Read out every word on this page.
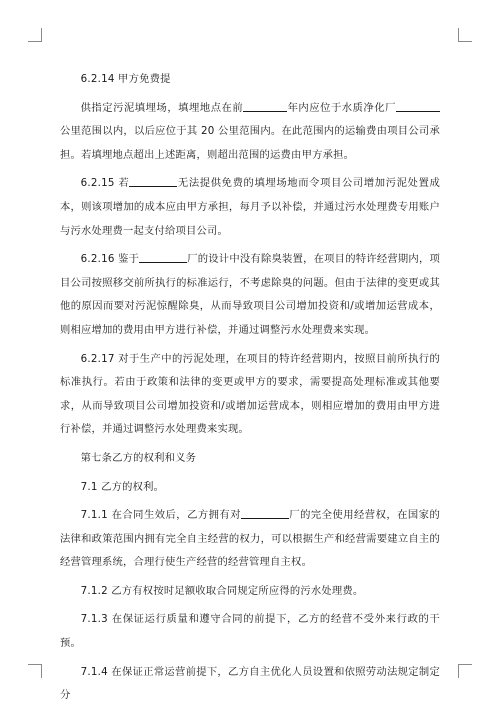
6.2.14 甲方免费提

供指定污泥填埋场，填埋地点在前	年内应位于水质净化厂公里范围以内，以后应位于其 20 公里范围内。在此范围内的运输费由项目公司承担。若填埋地点超出上述距离，则超出范围的运费由甲方承担。

6.2.15 若	无法提供免费的填埋场地而令项目公司增加污泥处置成本，则该项增加的成本应由甲方承担，每月予以补偿，并通过污水处理费专用账户与污水处理费一起支付给项目公司。

6.2.16 鉴于	厂的设计中没有除臭装置，在项目的特许经营期内，项目公司按照移交前所执行的标准运行，不考虑除臭的问题。但由于法律的变更或其他的原因而要对污泥惊醒除臭，从而导致项目公司增加投资和/或增加运营成本，则相应增加的费用由甲方进行补偿，并通过调整污水处理费来实现。

6.2.17 对于生产中的污泥处理，在项目的特许经营期内，按照目前所执行的标准执行。若由于政策和法律的变更或甲方的要求，需要提高处理标准或其他要求，从而导致项目公司增加投资和/或增加运营成本，则相应增加的费用由甲方进行补偿，并通过调整污水处理费来实现。

第七条乙方的权利和义务

7.1 乙方的权利。

7.1.1 在合同生效后，乙方拥有对	厂的完全使用经营权，在国家的法律和政策范围内拥有完全自主经营的权力，可以根据生产和经营需要建立自主的经营管理系统，合理行使生产经营的经营管理自主权。

7.1.2 乙方有权按时足额收取合同规定所应得的污水处理费。

7.1.3 在保证运行质量和遵守合同的前提下，乙方的经营不受外来行政的干预。

7.1.4 在保证正常运营前提下，乙方自主优化人员设置和依照劳动法规定制定分
